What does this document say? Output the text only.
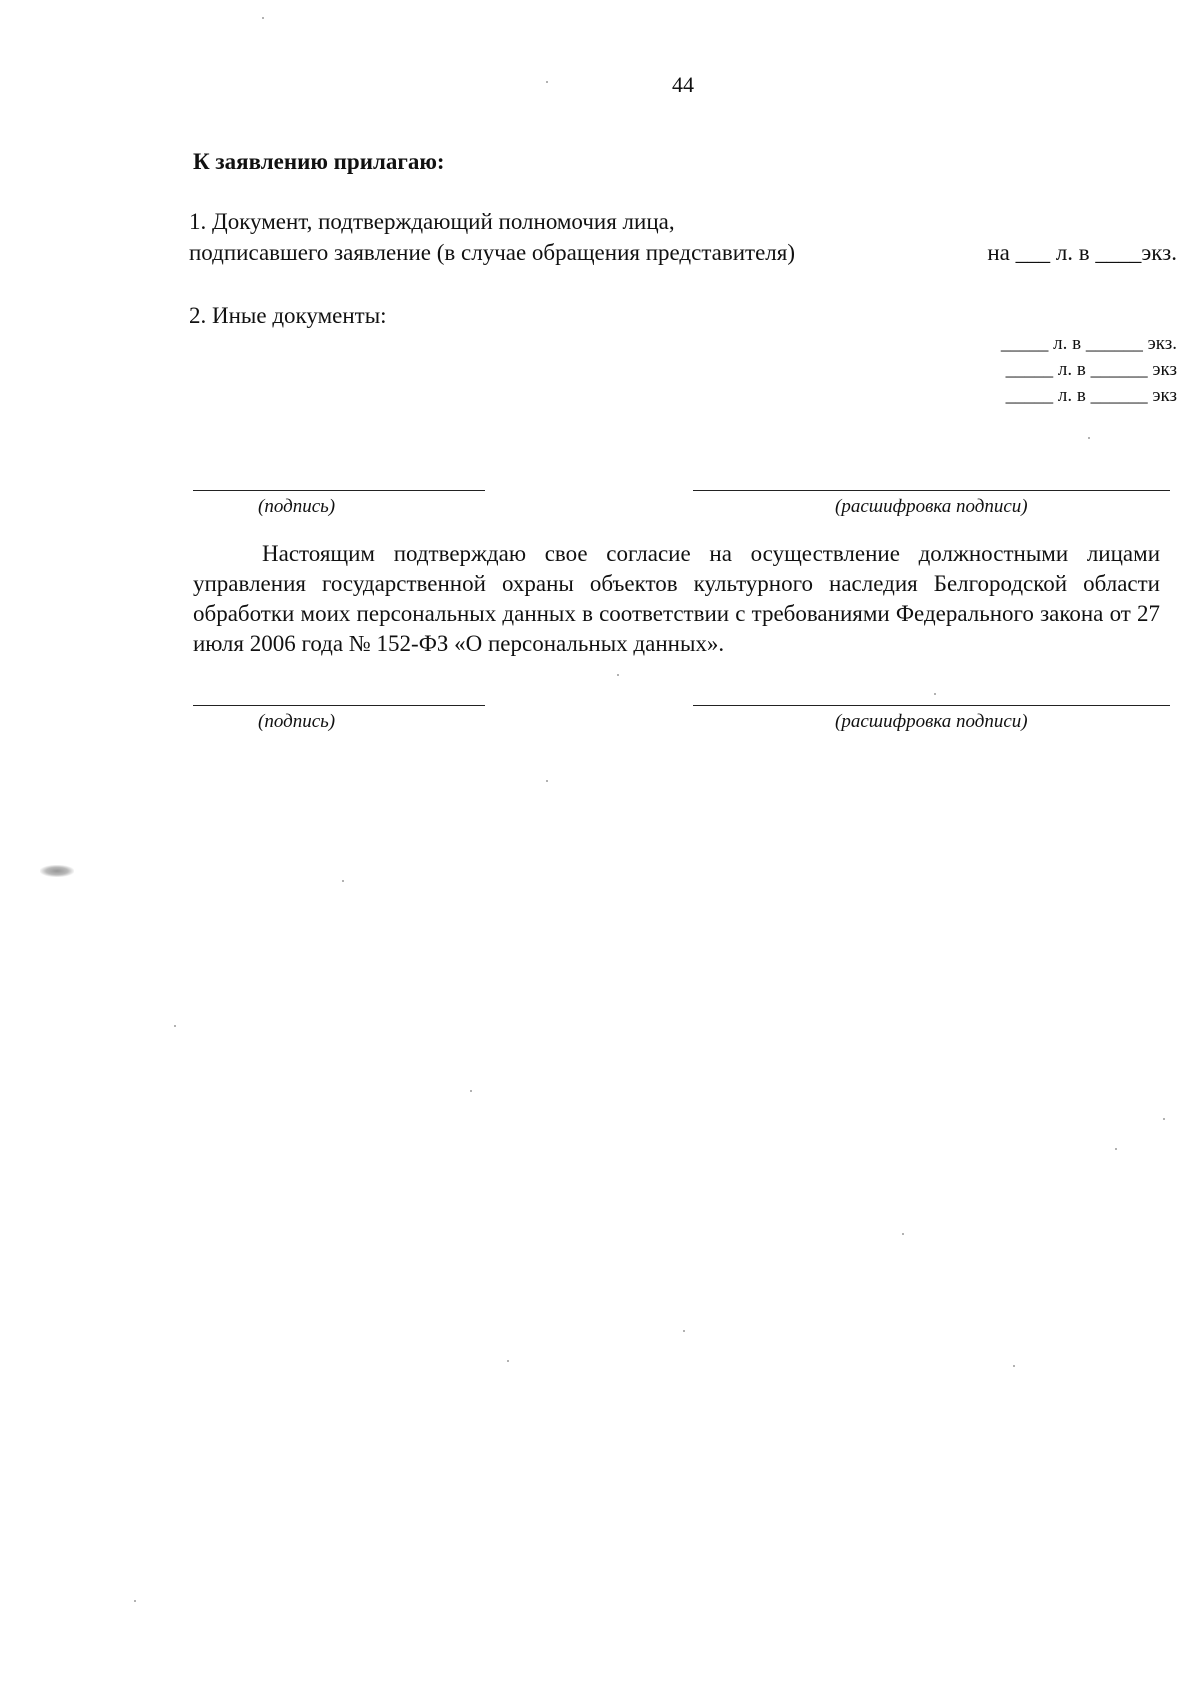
44
К заявлению прилагаю:
1. Документ, подтверждающий полномочия лица,
подписавшего заявление (в случае обращения представителя)	на ___ л. в ____экз.
2. Иные документы:
_____ л. в ______ экз.
_____ л. в ______ экз
_____ л. в ______ экз
(подпись)	(расшифровка подписи)
Настоящим подтверждаю свое согласие на осуществление должностными лицами управления государственной охраны объектов культурного наследия Белгородской области обработки моих персональных данных в соответствии с требованиями Федерального закона от 27 июля 2006 года № 152-ФЗ «О персональных данных».
(подпись)	(расшифровка подписи)
